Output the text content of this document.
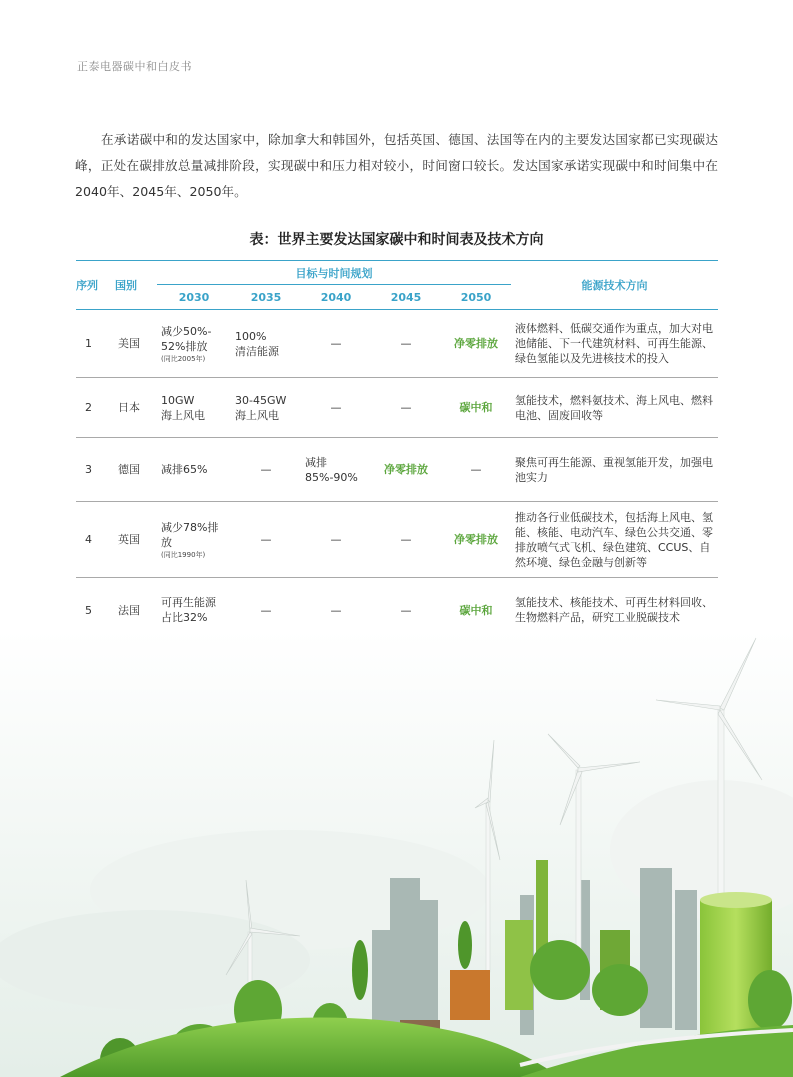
正泰电器碳中和白皮书

在承诺碳中和的发达国家中，除加拿大和韩国外，包括英国、德国、法国等在内的主要发达国家都已实现碳达峰，正处在碳排放总量减排阶段，实现碳中和压力相对较小，时间窗口较长。发达国家承诺实现碳中和时间集中在2040年、2045年、2050年。

表：世界主要发达国家碳中和时间表及技术方向
序列	国别	目标与时间规划					能源技术方向
		2030	2035	2040	2045	2050	
1	美国	减少50%-
52%排放
(同比2005年)	100%
清洁能源	—	—	净零排放	液体燃料、低碳交通作为重点，加大对电池储能、下一代建筑材料、可再生能源、绿色氢能以及先进核技术的投入
2	日本	10GW
海上风电	30-45GW
海上风电	—	—	碳中和	氢能技术，燃料氨技术、海上风电、燃料电池、固废回收等
3	德国	减排65%	—	减排
85%-90%	净零排放	—	聚焦可再生能源、重视氢能开发，加强电池实力
4	英国	减少78%排放
(同比1990年)	—	—	—	净零排放	推动各行业低碳技术，包括海上风电、氢能、核能、电动汽车、绿色公共交通、零排放喷气式飞机、绿色建筑、CCUS、自然环境、绿色金融与创新等
5	法国	可再生能源
占比32%	—	—	—	碳中和	氢能技术、核能技术、可再生材料回收、生物燃料产品，研究工业脱碳技术
